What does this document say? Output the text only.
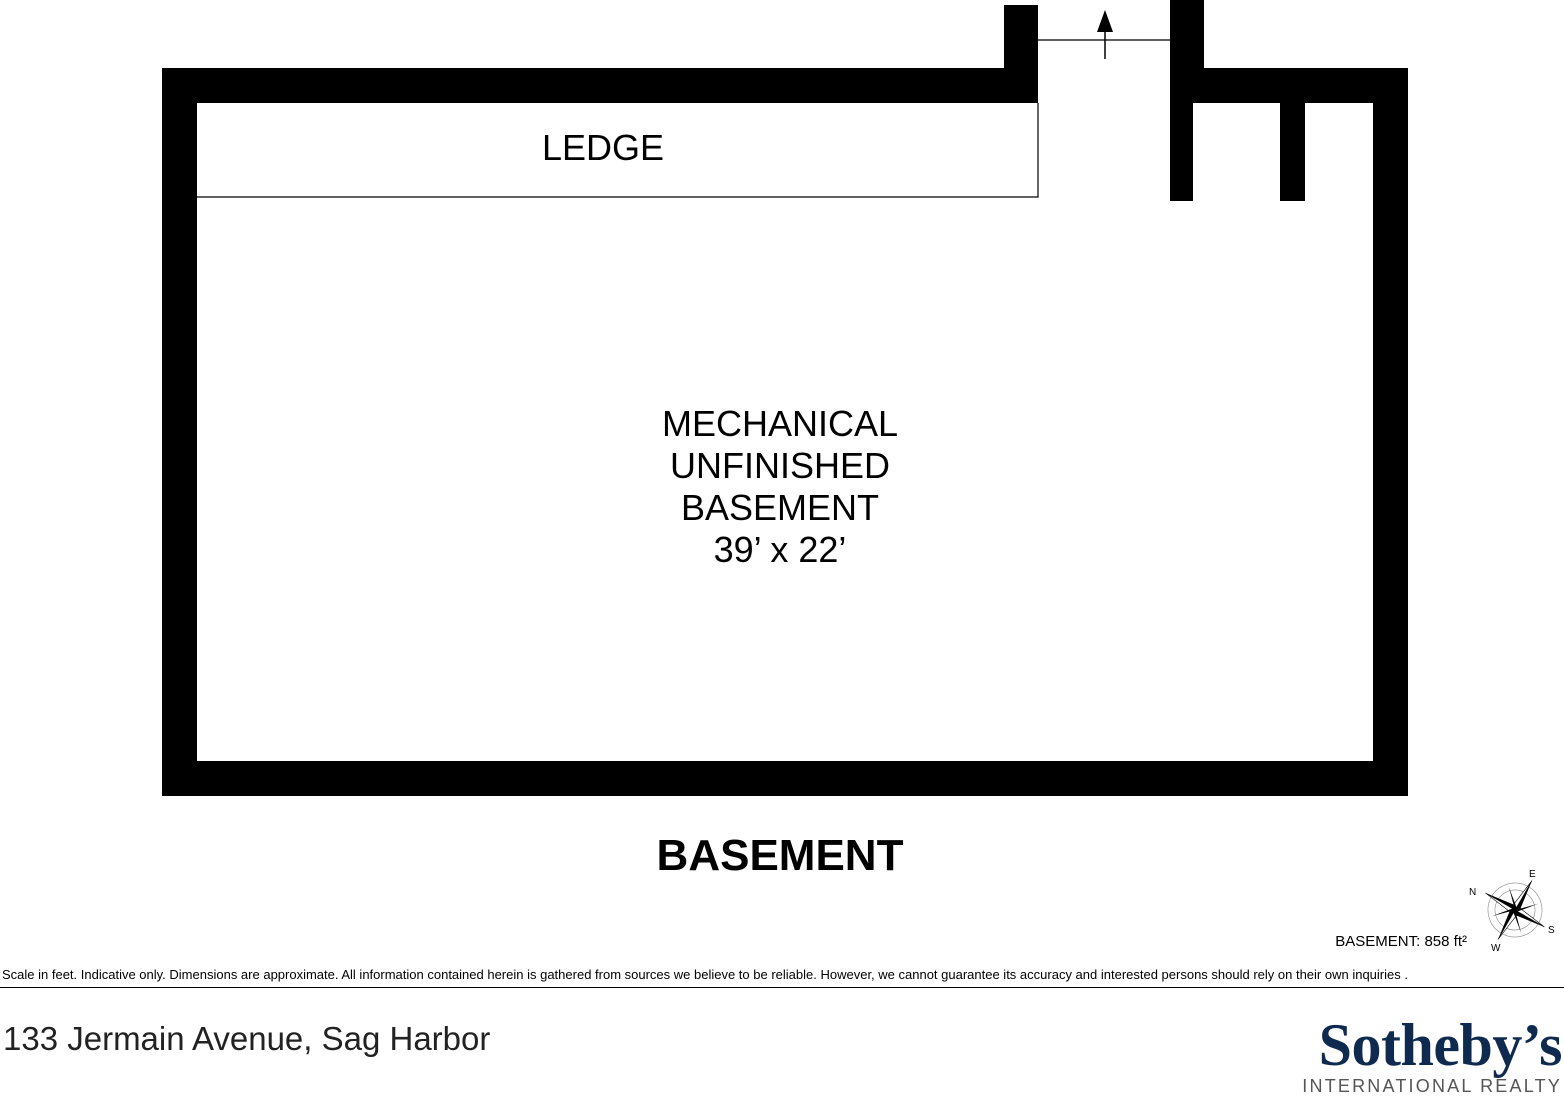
LEDGE
MECHANICAL
UNFINISHED
BASEMENT
39’ x 22’
BASEMENT
N
E
S
W
BASEMENT: 858 ft²
Scale in feet. Indicative only. Dimensions are approximate. All information contained herein is gathered from sources we believe to be reliable. However, we cannot guarantee its accuracy and interested persons should rely on their own inquiries .
133 Jermain Avenue, Sag Harbor	Sotheby’s
INTERNATIONAL REALTY
